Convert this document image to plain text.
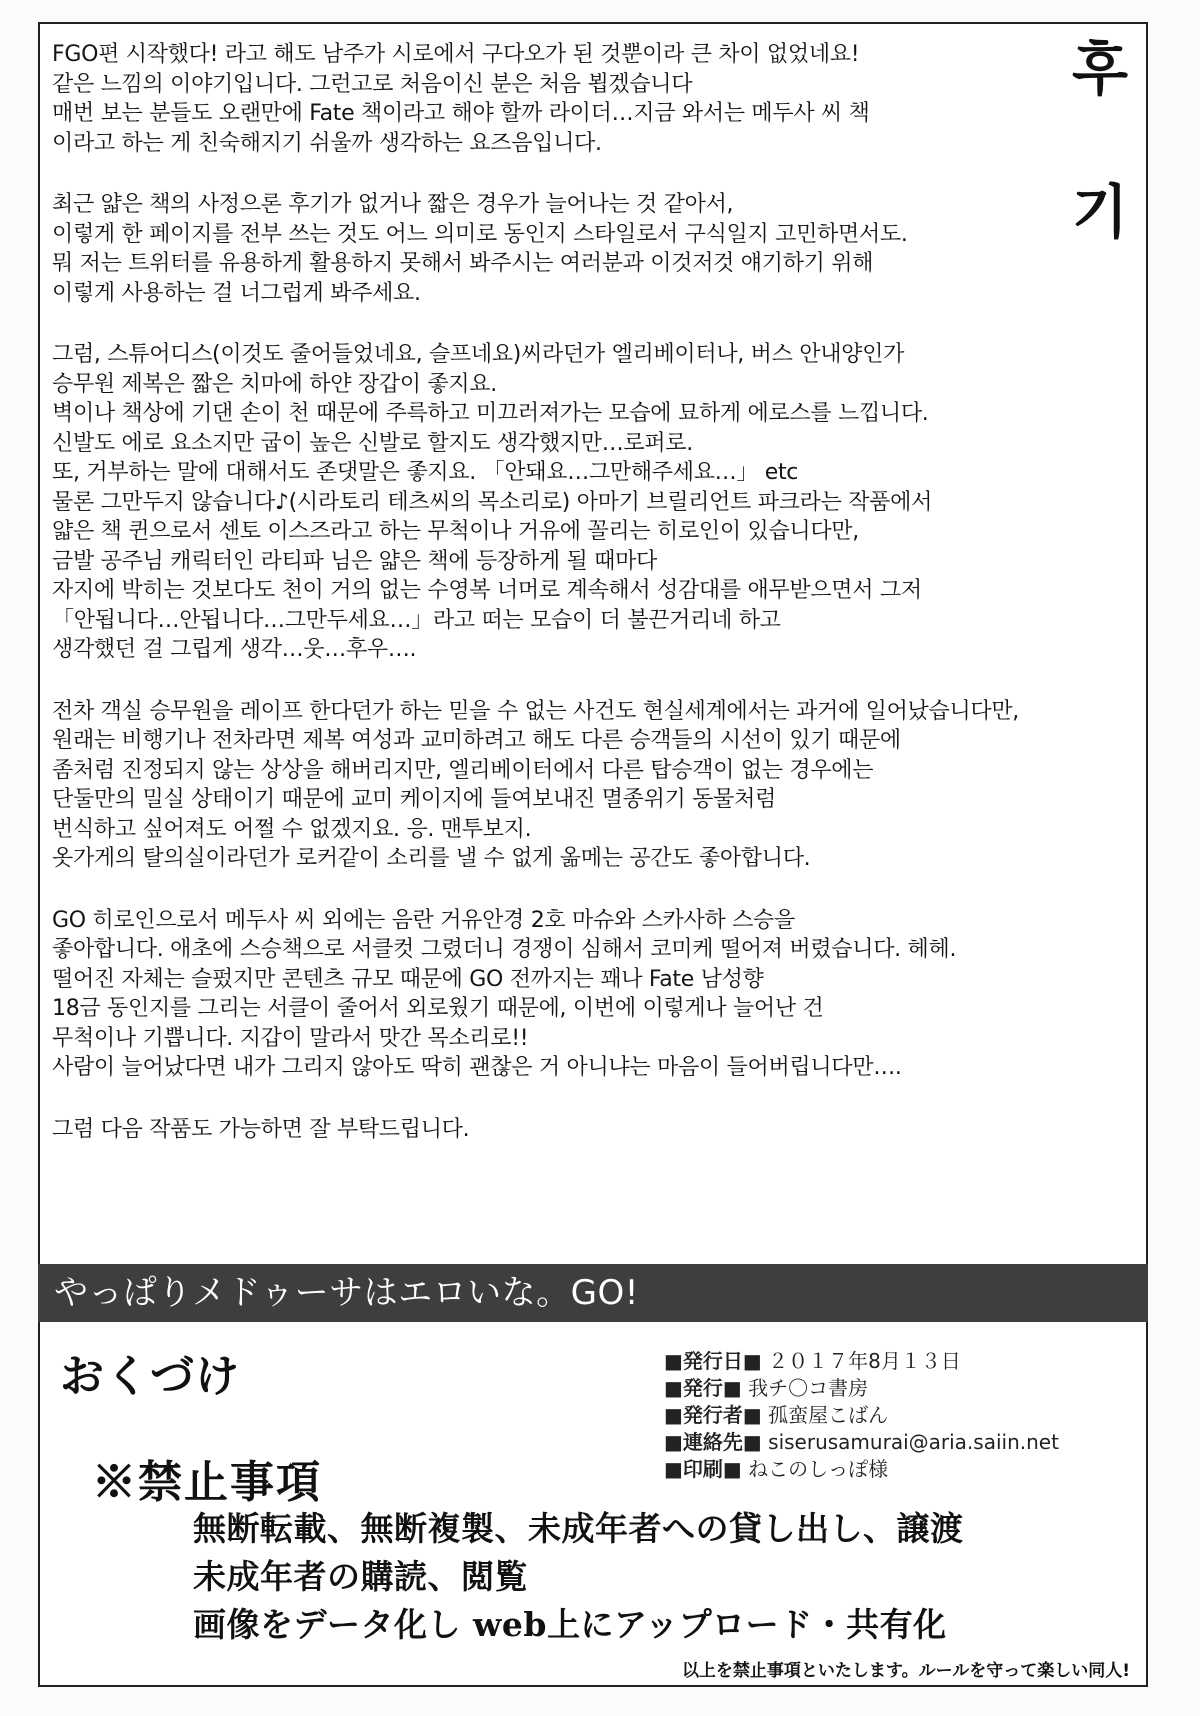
FGO편 시작했다! 라고 해도 남주가 시로에서 구다오가 된 것뿐이라 큰 차이 없었네요!
같은 느낌의 이야기입니다. 그런고로 처음이신 분은 처음 뵙겠습니다
매번 보는 분들도 오랜만에 Fate 책이라고 해야 할까 라이더…지금 와서는 메두사 씨 책
이라고 하는 게 친숙해지기 쉬울까 생각하는 요즈음입니다.
최근 얇은 책의 사정으론 후기가 없거나 짧은 경우가 늘어나는 것 같아서,
이렇게 한 페이지를 전부 쓰는 것도 어느 의미로 동인지 스타일로서 구식일지 고민하면서도.
뭐 저는 트위터를 유용하게 활용하지 못해서 봐주시는 여러분과 이것저것 얘기하기 위해
이렇게 사용하는 걸 너그럽게 봐주세요.
그럼, 스튜어디스(이것도 줄어들었네요, 슬프네요)씨라던가 엘리베이터나, 버스 안내양인가
승무원 제복은 짧은 치마에 하얀 장갑이 좋지요.
벽이나 책상에 기댄 손이 천 때문에 주륵하고 미끄러져가는 모습에 묘하게 에로스를 느낍니다.
신발도 에로 요소지만 굽이 높은 신발로 할지도 생각했지만…로퍼로.
또, 거부하는 말에 대해서도 존댓말은 좋지요. 「안돼요…그만해주세요…」 etc
물론 그만두지 않습니다♪(시라토리 테츠씨의 목소리로) 아마기 브릴리언트 파크라는 작품에서
얇은 책 퀸으로서 센토 이스즈라고 하는 무척이나 거유에 꼴리는 히로인이 있습니다만,
금발 공주님 캐릭터인 라티파 님은 얇은 책에 등장하게 될 때마다
자지에 박히는 것보다도 천이 거의 없는 수영복 너머로 계속해서 성감대를 애무받으면서 그저
「안됩니다…안됩니다…그만두세요…」라고 떠는 모습이 더 불끈거리네 하고
생각했던 걸 그립게 생각…웃…후우….
전차 객실 승무원을 레이프 한다던가 하는 믿을 수 없는 사건도 현실세계에서는 과거에 일어났습니다만,
원래는 비행기나 전차라면 제복 여성과 교미하려고 해도 다른 승객들의 시선이 있기 때문에
좀처럼 진정되지 않는 상상을 해버리지만, 엘리베이터에서 다른 탑승객이 없는 경우에는
단둘만의 밀실 상태이기 때문에 교미 케이지에 들여보내진 멸종위기 동물처럼
번식하고 싶어져도 어쩔 수 없겠지요. 응. 맨투보지.
옷가게의 탈의실이라던가 로커같이 소리를 낼 수 없게 옮메는 공간도 좋아합니다.
GO 히로인으로서 메두사 씨 외에는 음란 거유안경 2호 마슈와 스카사하 스승을
좋아합니다. 애초에 스승책으로 서클컷 그렸더니 경쟁이 심해서 코미케 떨어져 버렸습니다. 헤헤.
떨어진 자체는 슬펐지만 콘텐츠 규모 때문에 GO 전까지는 꽤나 Fate 남성향
18금 동인지를 그리는 서클이 줄어서 외로웠기 때문에, 이번에 이렇게나 늘어난 건
무척이나 기쁩니다. 지갑이 말라서 맛간 목소리로!!
사람이 늘어났다면 내가 그리지 않아도 딱히 괜찮은 거 아니냐는 마음이 들어버립니다만….
그럼 다음 작품도 가능하면 잘 부탁드립니다.
후
기
やっぱりメドゥーサはエロいな。GO!
おくづけ	■発行日■ ２０１７年8月１３日
■発行■ 我チ〇コ書房
■発行者■ 孤蛮屋こばん
■連絡先■ siserusamurai@aria.saiin.net
■印刷■ ねこのしっぽ様
※禁止事項
無断転載、無断複製、未成年者への貸し出し、譲渡
未成年者の購読、閲覧
画像をデータ化し web上にアップロード・共有化
以上を禁止事項といたします。ルールを守って楽しい同人!
